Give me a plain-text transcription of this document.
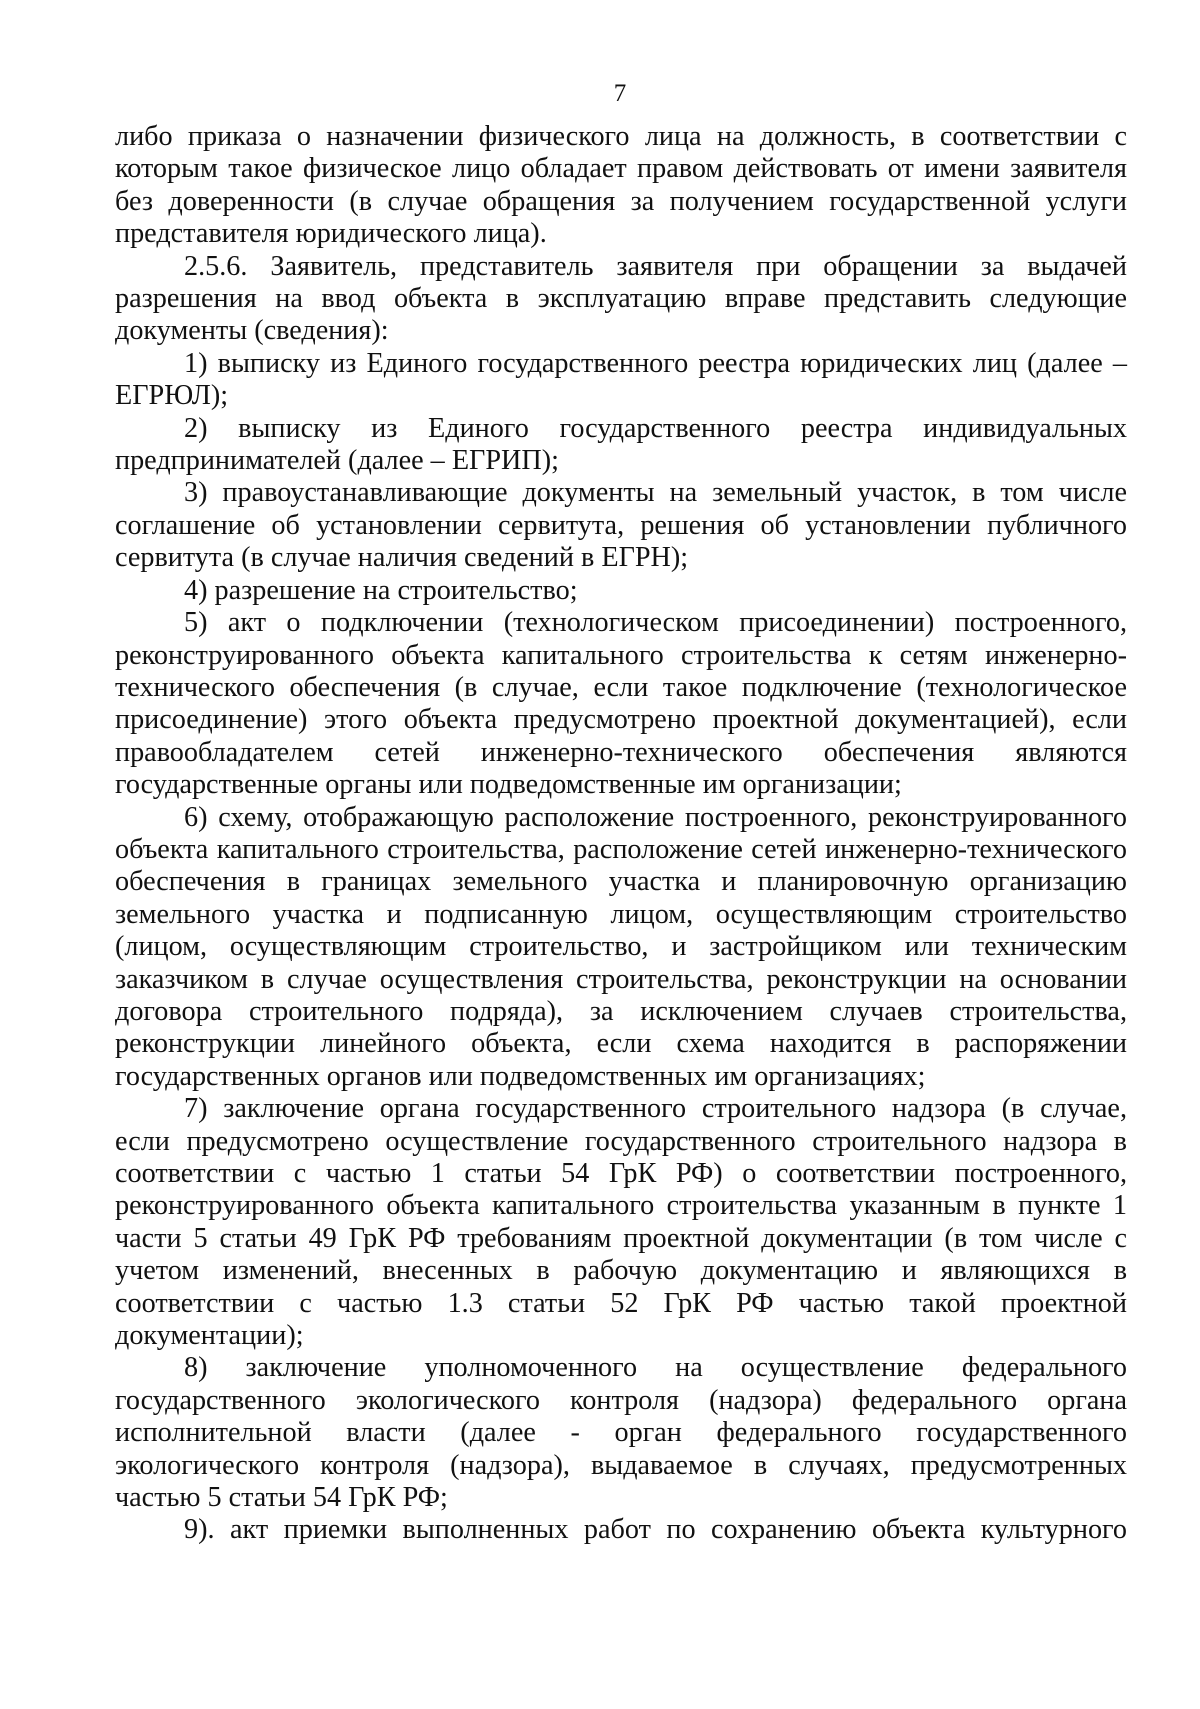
7

либо приказа о назначении физического лица на должность, в соответствии с которым такое физическое лицо обладает правом действовать от имени заявителя без доверенности (в случае обращения за получением государственной услуги представителя юридического лица).

2.5.6. Заявитель, представитель заявителя при обращении за выдачей разрешения на ввод объекта в эксплуатацию вправе представить следующие документы (сведения):

1) выписку из Единого государственного реестра юридических лиц (далее – ЕГРЮЛ);

2) выписку из Единого государственного реестра индивидуальных предпринимателей (далее – ЕГРИП);

3) правоустанавливающие документы на земельный участок, в том числе соглашение об установлении сервитута, решения об установлении публичного сервитута (в случае наличия сведений в ЕГРН);

4) разрешение на строительство;

5) акт о подключении (технологическом присоединении) построенного, реконструированного объекта капитального строительства к сетям инженерно-технического обеспечения (в случае, если такое подключение (технологическое присоединение) этого объекта предусмотрено проектной документацией), если правообладателем сетей инженерно-технического обеспечения являются государственные органы или подведомственные им организации;

6) схему, отображающую расположение построенного, реконструированного объекта капитального строительства, расположение сетей инженерно-технического обеспечения в границах земельного участка и планировочную организацию земельного участка и подписанную лицом, осуществляющим строительство (лицом, осуществляющим строительство, и застройщиком или техническим заказчиком в случае осуществления строительства, реконструкции на основании договора строительного подряда), за исключением случаев строительства, реконструкции линейного объекта, если схема находится в распоряжении государственных органов или подведомственных им организациях;

7) заключение органа государственного строительного надзора (в случае, если предусмотрено осуществление государственного строительного надзора в соответствии с частью 1 статьи 54 ГрК РФ) о соответствии построенного, реконструированного объекта капитального строительства указанным в пункте 1 части 5 статьи 49 ГрК РФ требованиям проектной документации (в том числе с учетом изменений, внесенных в рабочую документацию и являющихся в соответствии с частью 1.3 статьи 52 ГрК РФ частью такой проектной документации);

8) заключение уполномоченного на осуществление федерального государственного экологического контроля (надзора) федерального органа исполнительной власти (далее - орган федерального государственного экологического контроля (надзора), выдаваемое в случаях, предусмотренных частью 5 статьи 54 ГрК РФ;

9). акт приемки выполненных работ по сохранению объекта культурного
